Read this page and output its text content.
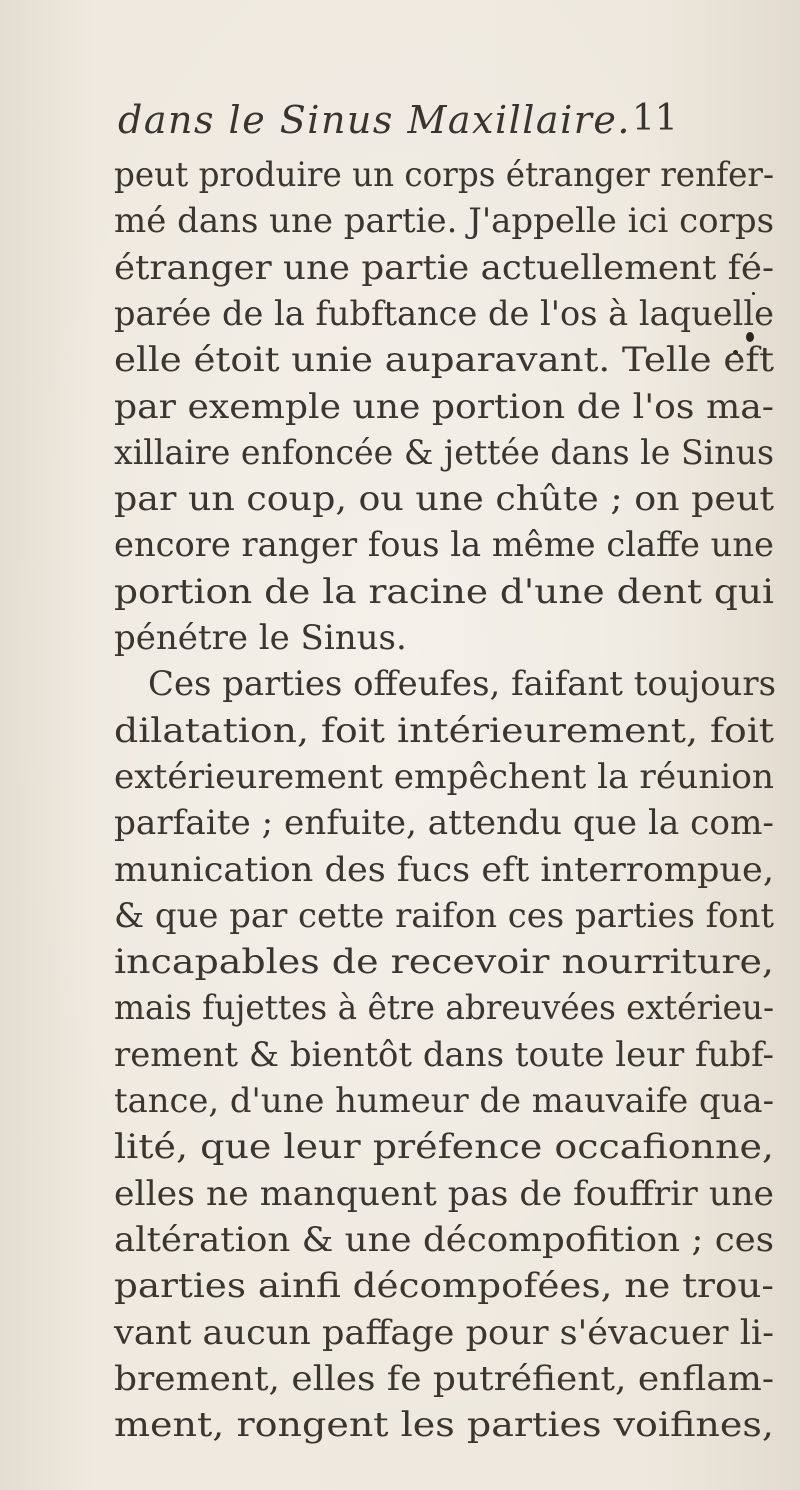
dans le Sinus Maxillaire. 11
peut produire un corps étranger renfer-
mé dans une partie. J'appelle ici corps
étranger une partie actuellement fé-
parée de la fubftance de l'os à laquelle
elle étoit unie auparavant. Telle eft
par exemple une portion de l'os ma-
xillaire enfoncée & jettée dans le Sinus
par un coup, ou une chûte ; on peut
encore ranger fous la même claffe une
portion de la racine d'une dent qui
pénétre le Sinus.
Ces parties offeufes, faifant toujours
dilatation, foit intérieurement, foit
extérieurement empêchent la réunion
parfaite ; enfuite, attendu que la com-
munication des fucs eft interrompue,
& que par cette raifon ces parties font
incapables de recevoir nourriture,
mais fujettes à être abreuvées extérieu-
rement & bientôt dans toute leur fubf-
tance, d'une humeur de mauvaife qua-
lité, que leur préfence occafionne,
elles ne manquent pas de fouffrir une
altération & une décompofition ; ces
parties ainfi décompofées, ne trou-
vant aucun paffage pour s'évacuer li-
brement, elles fe putréfient, enflam-
ment, rongent les parties voifines,
